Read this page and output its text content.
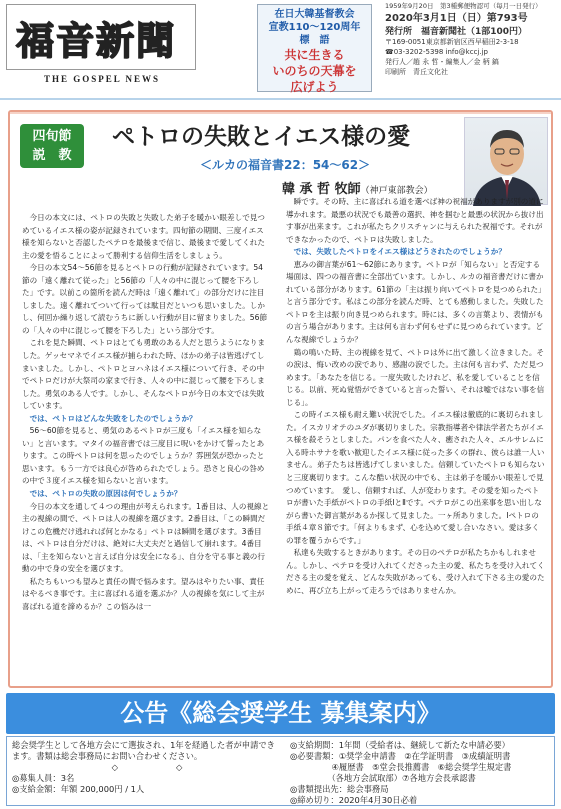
福音新聞
THE GOSPEL NEWS
在日大韓基督教会
宣教110〜120周年
標　語
共に生きる
いのちの天幕を
広げよう
1959年9月20日　第3種郵便物認可（毎月一日発行）
2020年3月1日（日）第793号
発行所　福音新聞社（1部100円）
〒169-0051東京都新宿区西早稲田2-3-18
☎03-3202-5398 info@kccj.jp
発行人／趙 永 哲・編集人／金 柄 鎬
印刷所　青丘文化社
四旬節
説　教
ペトロの失敗とイエス様の愛
＜ルカの福音書22：54〜62＞
韓 承 哲 牧師（神戸東部教会）

今日の本文には、ペトロの失敗と失敗した弟子を暖かい眼差しで見つめているイエス様の姿が記録されています。四旬節の期間、三度イエス様を知らないと否認したペテロを最後まで信じ、最後まで愛してくれた主の愛を悟ることによって勝利する信仰生活をしましょう。

今日の本文54〜56節を見るとペトロの行動が記録されています。54節の「遠く離れて従った」と56節の「人々の中に混じって腰を下ろした」です。以前この箇所を読んだ時は「遠く離れて」の部分だけに注目しました。遠く離れてついて行っては駄目だといつも思いました。しかし、何回か繰り返して読むうちに新しい行動が目に留まりました。56節の「人々の中に混じって腰を下ろした」という部分です。

これを見た瞬間、ペトロはとても勇敢のある人だと思うようになりました。ゲッセマネでイエス様が捕らわれた時、ほかの弟子は皆逃げてしまいました。しかし、ペトロとヨハネはイエス様について行き、その中でペトロだけが大祭司の家まで行き、人々の中に混じって腰を下ろしました。勇気のある人です。しかし、そんなペトロが今日の本文では失敗しています。

では、ペトロはどんな失敗をしたのでしょうか？

56〜60節を見ると、勇気のあるペトロが三度も「イエス様を知らない」と言います。マタイの福音書では三度目に呪いをかけて誓ったとあります。この時ペトロは何を思ったのでしょうか？雰囲気が恐かったと思います。もう一方では良心が咎められたでしょう。恐さと良心の咎めの中で３度イエス様を知らないと言います。

では、ペトロの失敗の原因は何でしょうか？

今日の本文を通して４つの理由が考えられます。1番目は、人の視線と主の視線の間で、ペトロは人の視線を選びます。2番目は、「この瞬間だけこの危機だけ逃れれば何とかなる」ペトロは瞬間を選びます。3番目は、ペトロは自分だけは、絶対に大丈夫だと過信して崩れます。4番目は、「主を知らないと言えば自分は安全になる」、自分を守る事と義の行動の中で身の安全を選びます。

私たちもいつも望みと責任の間で悩みます。望みはやりたい事、責任はやるべき事です。主に喜ばれる道を選ぶか？人の視線を気にして主が喜ばれる道を諦めるか？この悩みは一

瞬です。その時、主に喜ばれる道を選べば神の祝福がありますが別の道に導かれます。最悪の状況でも最善の選択、神を掴むと最悪の状況から抜け出す事が出来ます。これが私たちクリスチャンに与えられた祝福です。それができなかったので、ペトロは失敗しました。

では、失敗したペトロをイエス様はどうされたのでしょうか？

恵みの御言葉が61〜62節にあります。ペトロが「知らない」と否定する場面は、四つの福音書に全部出ています。しかし、ルカの福音書だけに書かれている部分があります。61節の「主は振り向いてペトロを見つめられた」と言う部分です。私はこの部分を読んだ時、とても感動しました。失敗したペトロを主は振り向き見つめられます。時には、多くの言葉より、表情がもの言う場合があります。主は何も言わず何もせずに見つめられています。どんな視線でしょうか？

鶏の鳴いた時、主の視線を見て、ペトロは外に出て激しく泣きました。その涙は、悔い改めの涙であり、感謝の涙でした。主は何も言わず、ただ見つめます。「あなたを信じる。一度失敗したけれど、私を愛していることを信じる。以前、死ぬ覚悟ができていると言った誓い、それは嘘ではない事を信じる」。

この時イエス様も耐え難い状況でした。イエス様は徹底的に裏切られました。イスカリオテのユダが裏切りました。宗教指導者や律法学者たちがイエス様を殺そうとしました。パンを食べた人々、癒された人々、エルサレムに入る時ホサナを歌い歓迎したイエス様に従った多くの群れ、彼らは誰一人いません。弟子たちは皆逃げてしまいました。信頼していたペトロも知らないと三度裏切ります。こんな酷い状況の中でも、主は弟子を暖かい眼差しで見つめています。　愛し、信頼すれば、人が変わります。その愛を知ったペトロが書いた手紙がペトロの手紙ⅠとⅡです。ペテロがこの出来事を思い出しながら書いた御言葉があるか探して見ました。一ヶ所ありました。Ⅰペトロの手紙４章８節です。「何よりもまず、心を込めて愛し合いなさい。愛は多くの罪を覆うからです。」

私達も失敗するときがあります。その日のペテロが私たちかもしれません。しかし、ペテロを受け入れてくださった主の愛、私たちを受け入れてくださる主の愛を覚え、どんな失敗があっても、受け入れて下さる主の愛のために、再び立ち上がって走ろうではありませんか。

公告《総会奨学生 募集案内》
総会奨学生として各地方会にて選抜され、1年を経過した者が申請できます。書類は総会事務局にお問い合わせください。
◇　　　　　　　◇
◎募集人員：3名
◎支給金額：年額 200,000円 / 1人
◎支給期間：1年間（受給者は、継続して新たな申請必要）
◎必要書類：①奨学金申請書　②在学証明書　③成績証明書
　　　　　④履歴書　⑤堂会長推薦書　⑥総会奨学生規定書
　　　　　（各地方会試取部）⑦各地方会長承認書
◎書類提出先：総会事務局
◎締め切り：2020年4月30日必着
